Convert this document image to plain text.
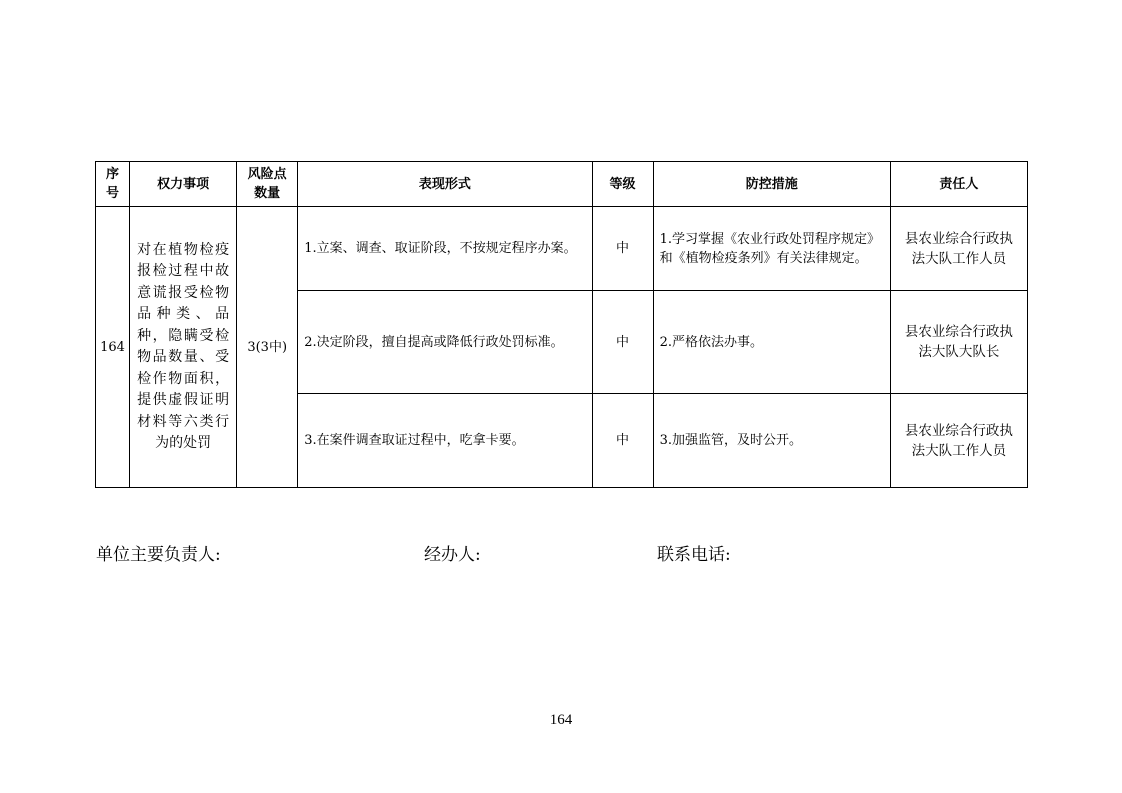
序号	权力事项	风险点数量	表现形式	等级	防控措施	责任人
164	对在植物检疫报检过程中故意谎报受检物品种类、品种，隐瞒受检物品数量、受检作物面积，提供虚假证明材料等六类行为的处罚	3(3中)	1.立案、调查、取证阶段，不按规定程序办案。	中	1.学习掌握《农业行政处罚程序规定》和《植物检疫条列》有关法律规定。	县农业综合行政执法大队工作人员

			2.决定阶段，擅自提高或降低行政处罚标准。	中	2.严格依法办事。	县农业综合行政执法大队大队长

			3.在案件调查取证过程中，吃拿卡要。	中	3.加强监管，及时公开。	县农业综合行政执法大队工作人员
单位主要负责人:	经办人:	联系电话:
164
